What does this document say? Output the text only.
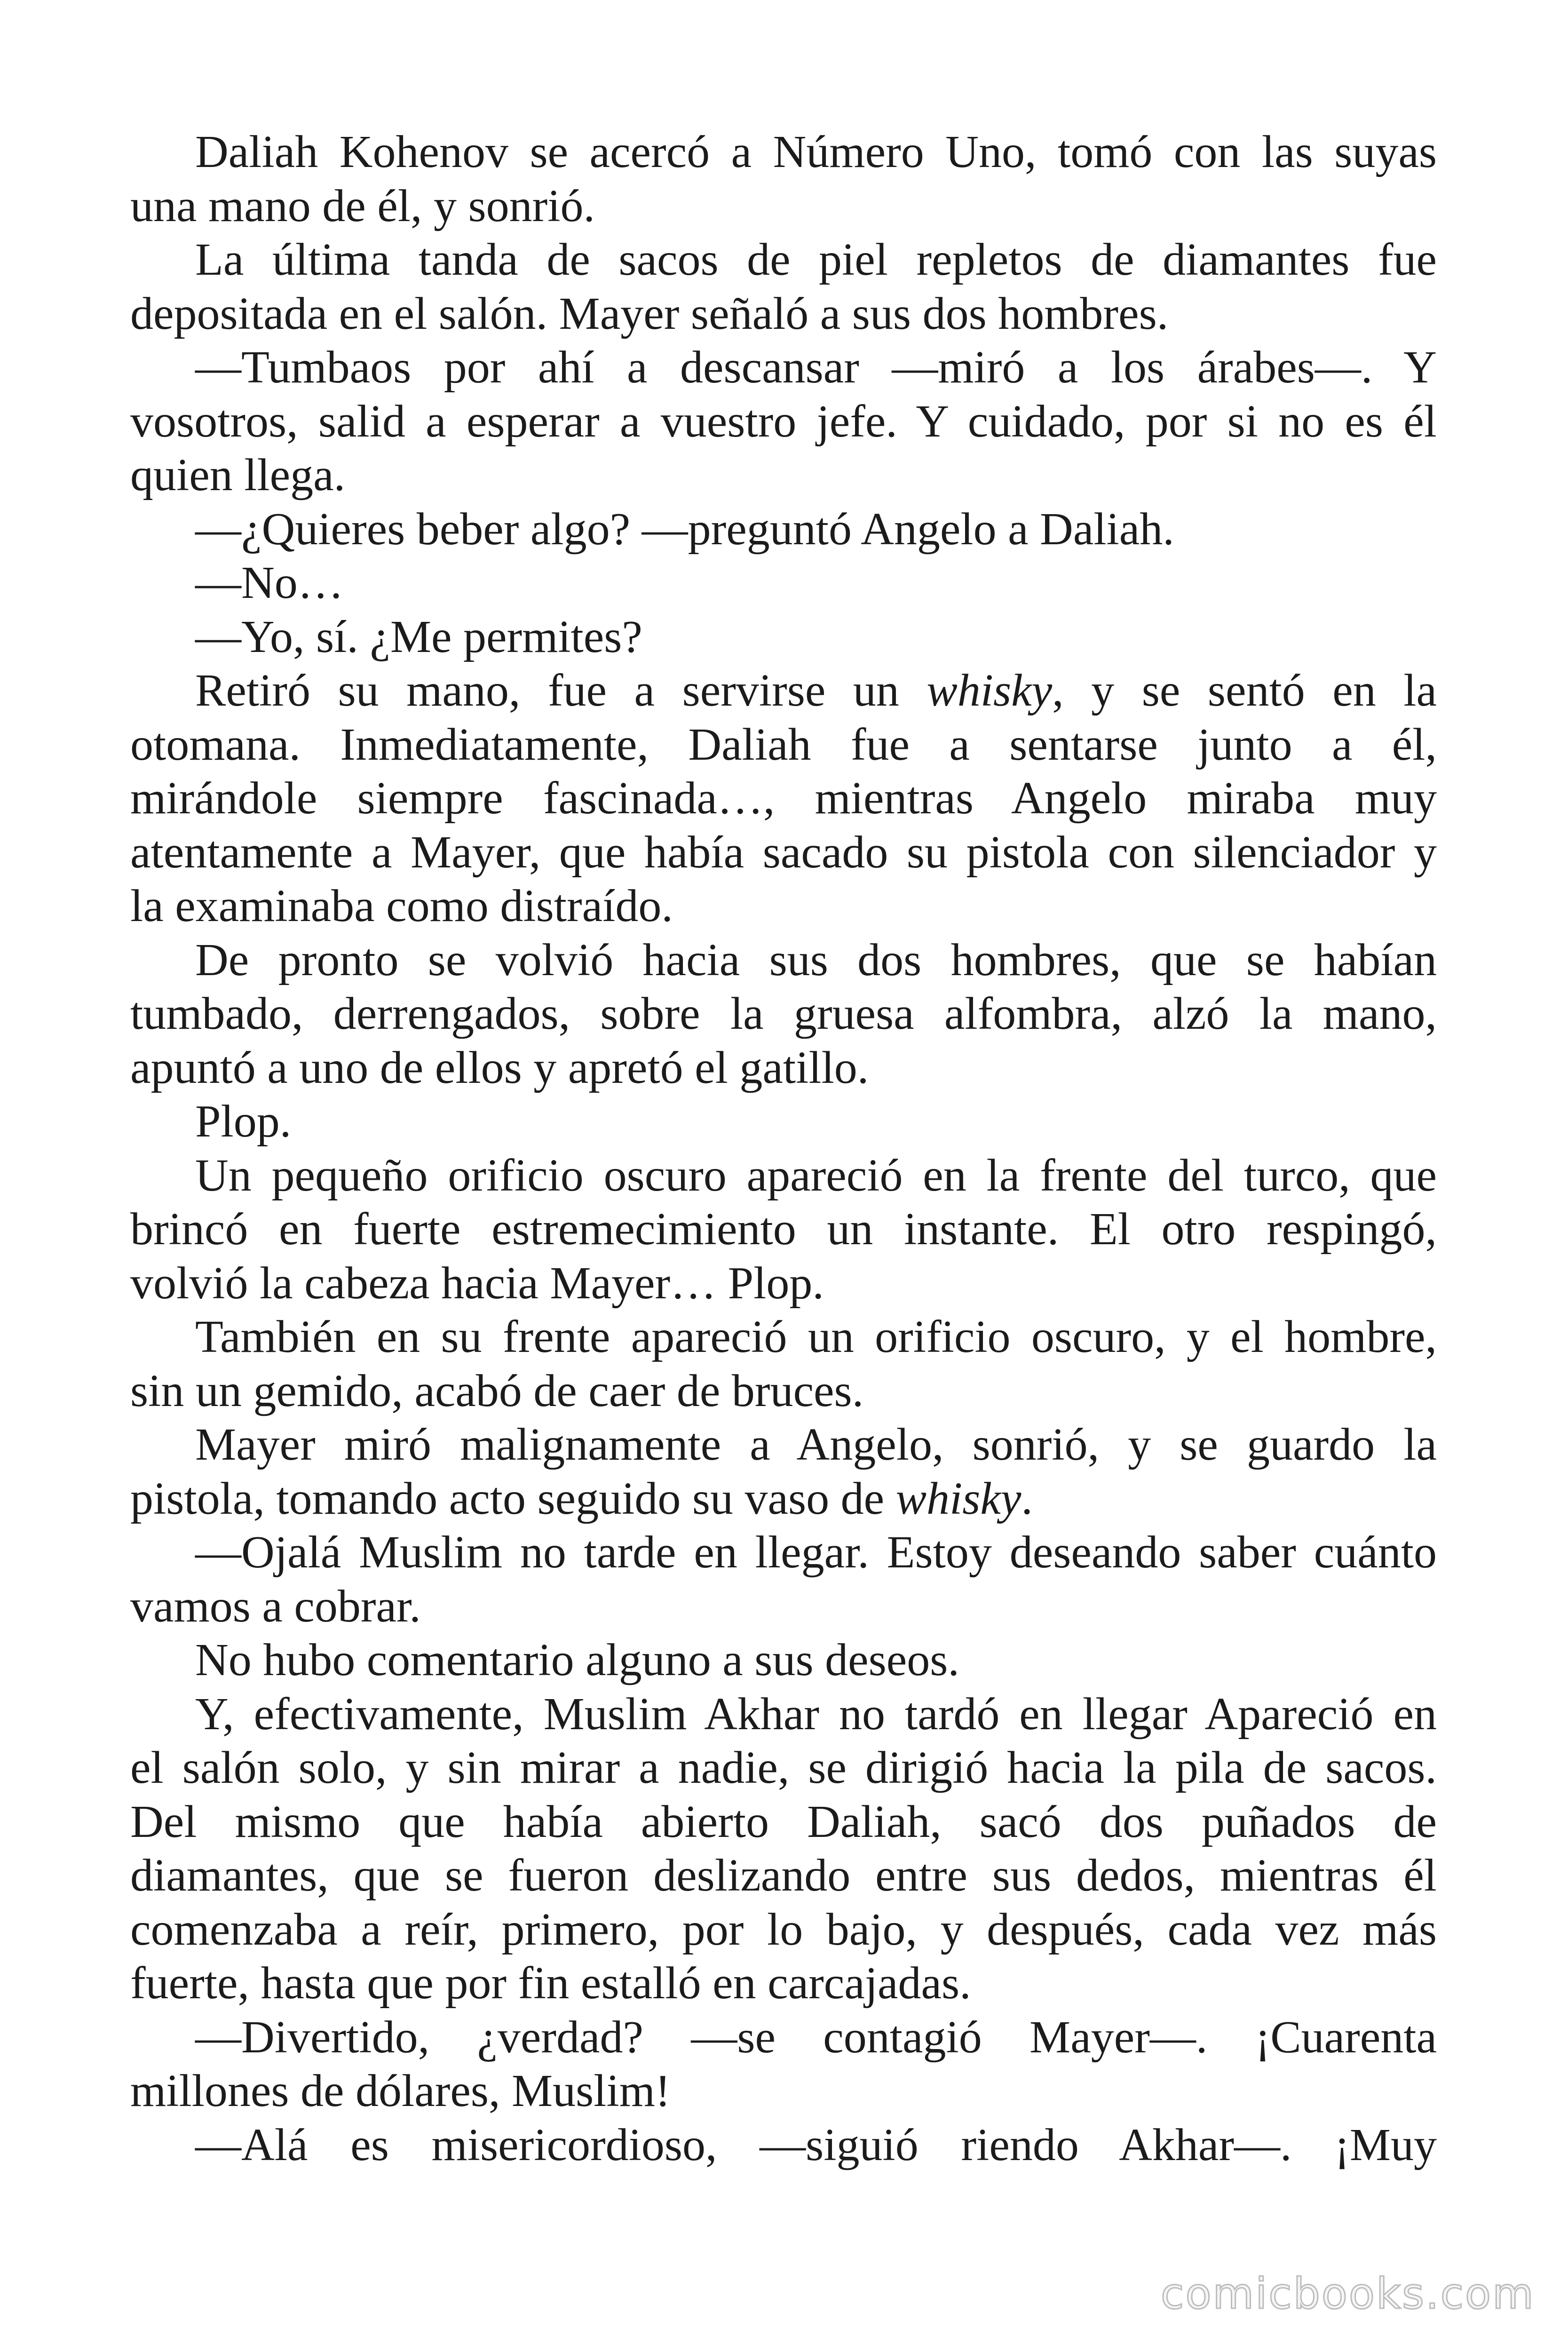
Daliah Kohenov se acercó a Número Uno, tomó con las suyas
una mano de él, y sonrió.
La última tanda de sacos de piel repletos de diamantes fue
depositada en el salón. Mayer señaló a sus dos hombres.
—Tumbaos por ahí a descansar —miró a los árabes—. Y
vosotros, salid a esperar a vuestro jefe. Y cuidado, por si no es él
quien llega.
—¿Quieres beber algo? —preguntó Angelo a Daliah.
—No…
—Yo, sí. ¿Me permites?
Retiró su mano, fue a servirse un whisky, y se sentó en la
otomana. Inmediatamente, Daliah fue a sentarse junto a él,
mirándole siempre fascinada…, mientras Angelo miraba muy
atentamente a Mayer, que había sacado su pistola con silenciador y
la examinaba como distraído.
De pronto se volvió hacia sus dos hombres, que se habían
tumbado, derrengados, sobre la gruesa alfombra, alzó la mano,
apuntó a uno de ellos y apretó el gatillo.
Plop.
Un pequeño orificio oscuro apareció en la frente del turco, que
brincó en fuerte estremecimiento un instante. El otro respingó,
volvió la cabeza hacia Mayer… Plop.
También en su frente apareció un orificio oscuro, y el hombre,
sin un gemido, acabó de caer de bruces.
Mayer miró malignamente a Angelo, sonrió, y se guardo la
pistola, tomando acto seguido su vaso de whisky.
—Ojalá Muslim no tarde en llegar. Estoy deseando saber cuánto
vamos a cobrar.
No hubo comentario alguno a sus deseos.
Y, efectivamente, Muslim Akhar no tardó en llegar Apareció en
el salón solo, y sin mirar a nadie, se dirigió hacia la pila de sacos.
Del mismo que había abierto Daliah, sacó dos puñados de
diamantes, que se fueron deslizando entre sus dedos, mientras él
comenzaba a reír, primero, por lo bajo, y después, cada vez más
fuerte, hasta que por fin estalló en carcajadas.
—Divertido, ¿verdad? —se contagió Mayer—. ¡Cuarenta
millones de dólares, Muslim!
—Alá es misericordioso, —siguió riendo Akhar—. ¡Muy
comicbooks.com
